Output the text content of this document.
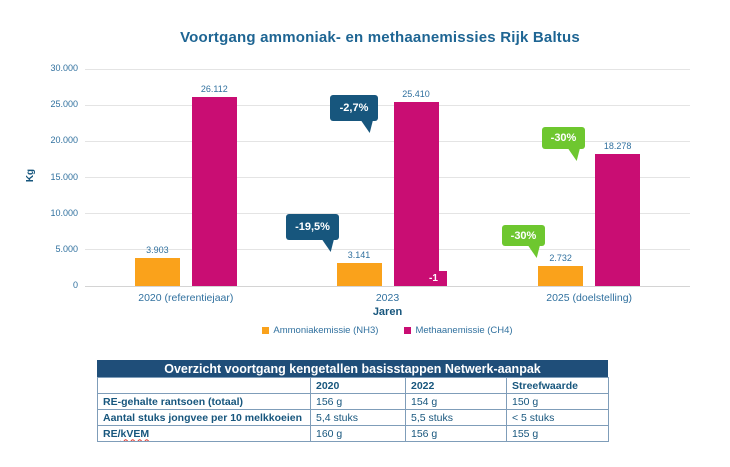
Voortgang ammoniak- en methaanemissies Rijk Baltus
Kg
3.903
3.141	2.732
26.112
25.410
18.278
Jaren
Ammoniakemissie (NH3)	Methaanemissie (CH4)
30.000
25.000
20.000
15.000
10.000
5.000
0
2020 (referentiejaar)	2023	2025 (doelstelling)
-2,7%
-19,5%
-30%
-30%
-1
Overzicht voortgang kengetallen basisstappen Netwerk-aanpak
	2020	2022	Streefwaarde
RE-gehalte rantsoen (totaal)	156 g	154 g	150 g
Aantal stuks jongvee per 10 melkkoeien	5,4 stuks	5,5 stuks	< 5 stuks
RE/kVEM	160 g	156 g	155 g
